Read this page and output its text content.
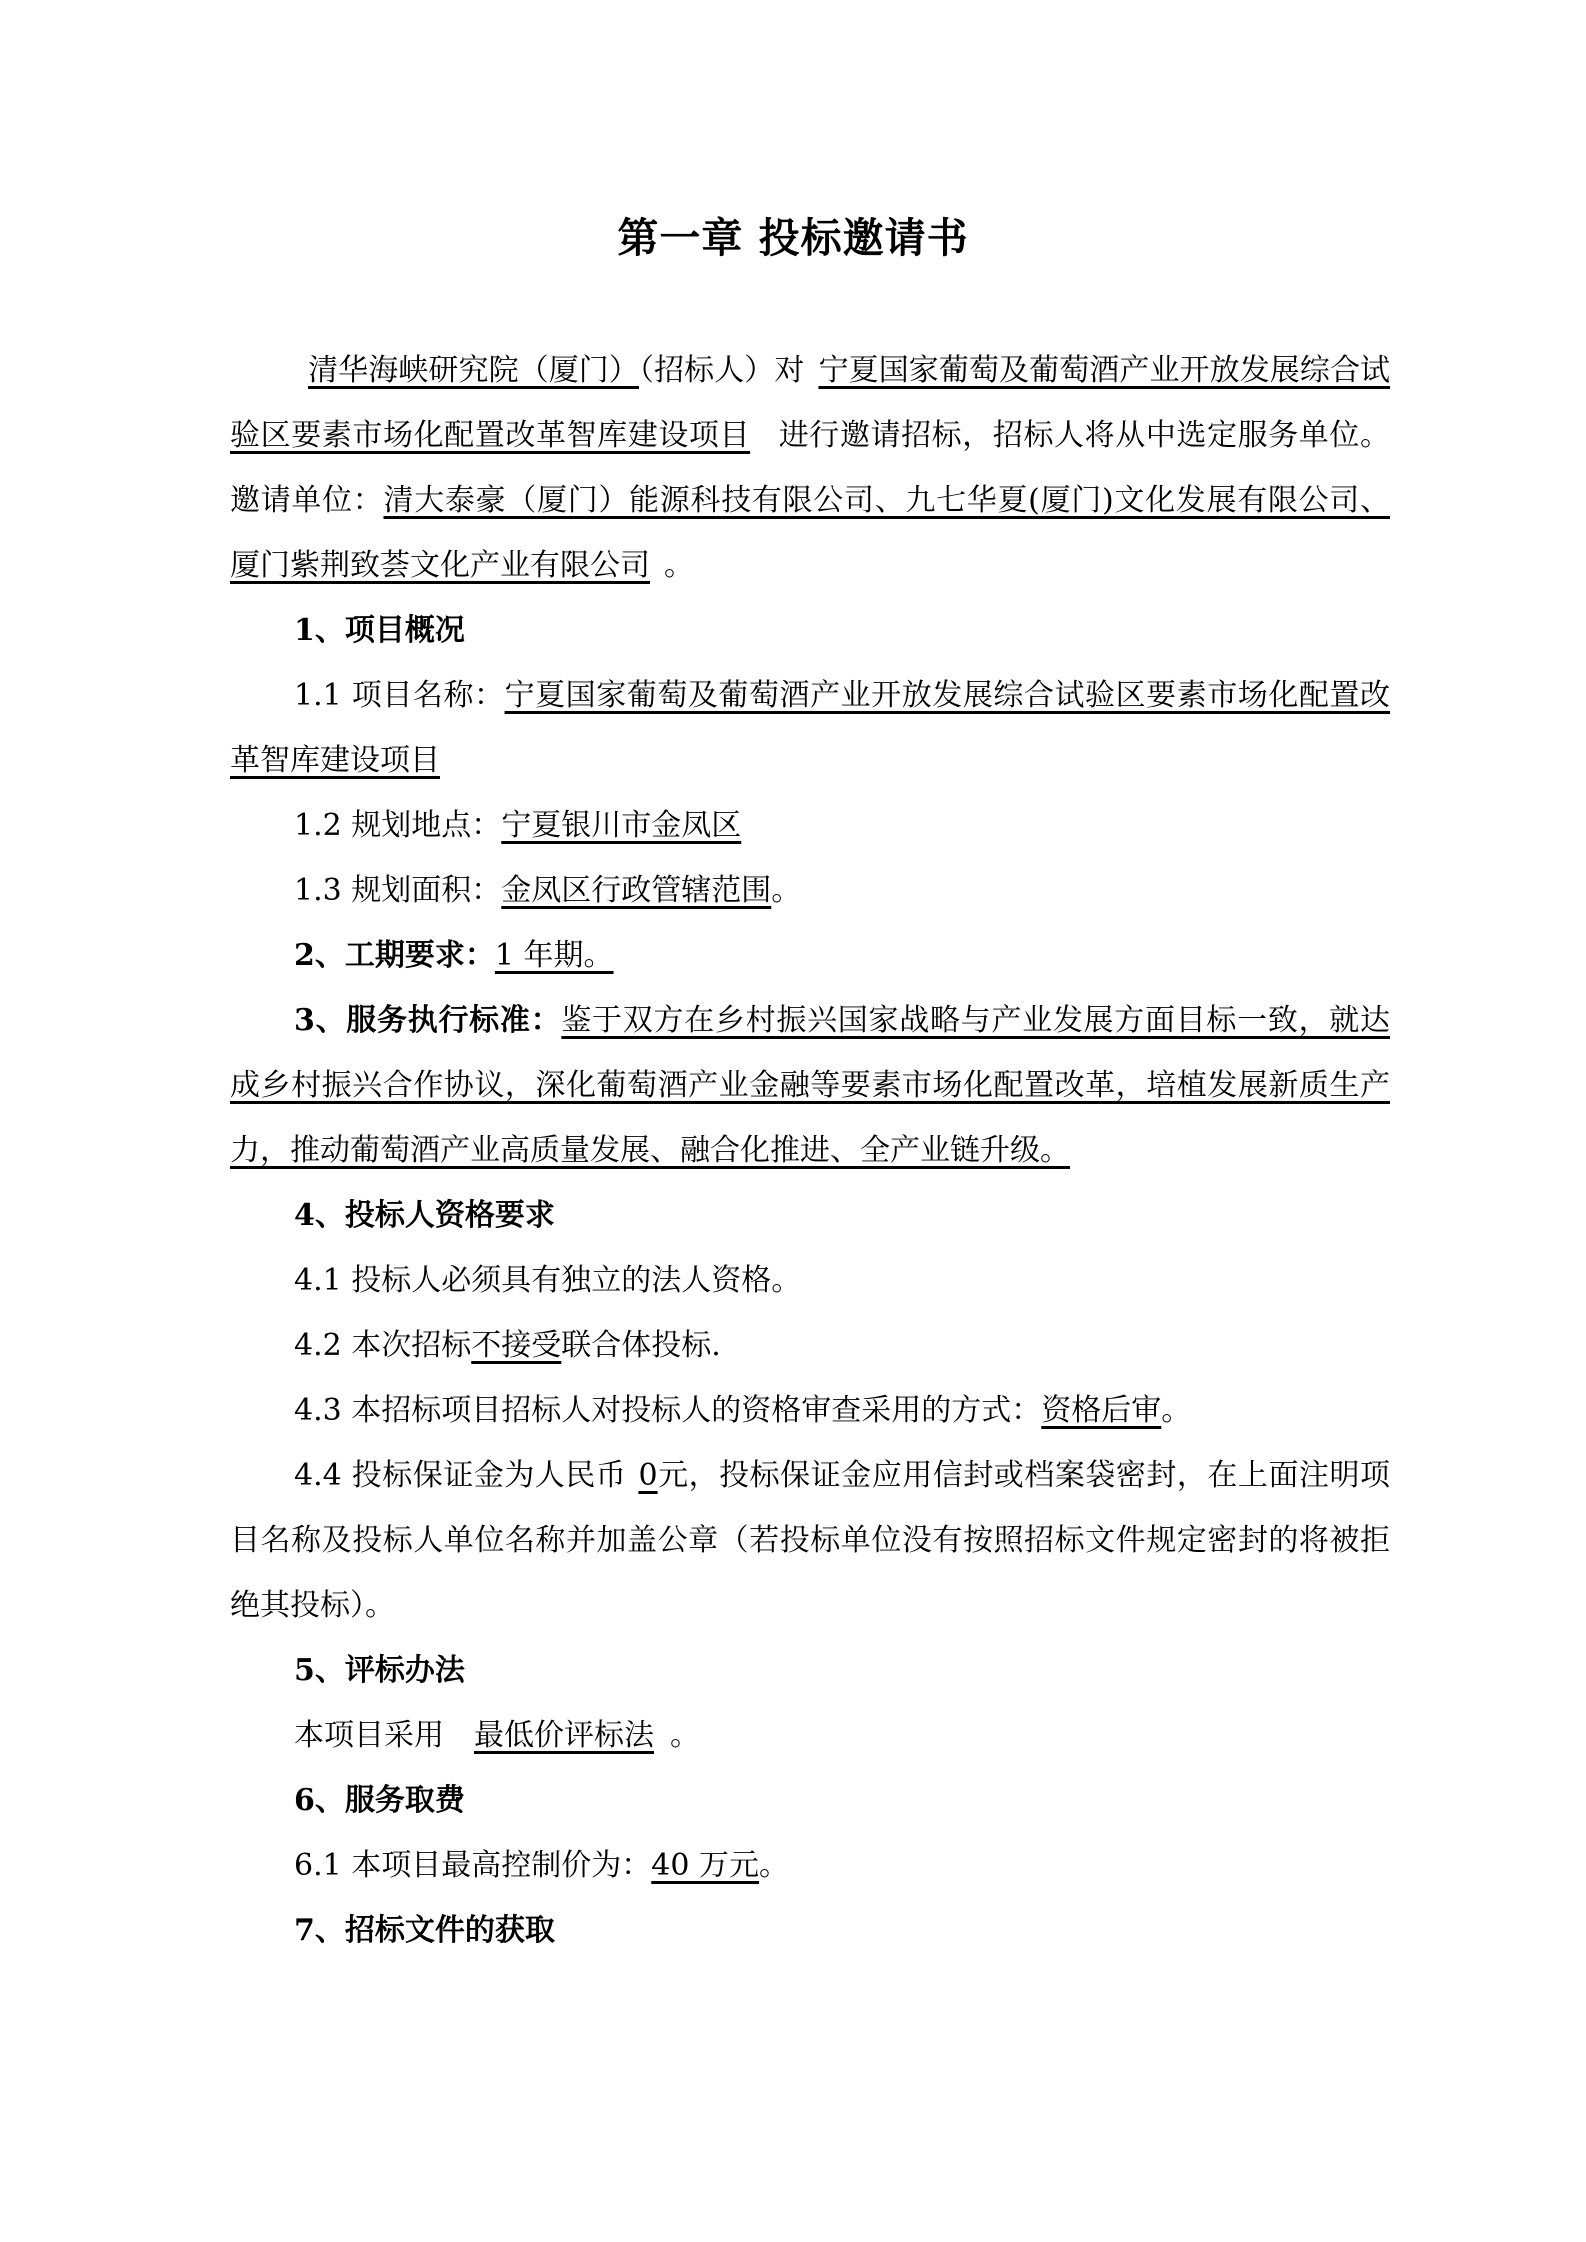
第一章 投标邀请书

清华海峡研究院（厦门）（招标人）对 宁夏国家葡萄及葡萄酒产业开放发展综合试验区要素市场化配置改革智库建设项目 进行邀请招标，招标人将从中选定服务单位。邀请单位：清大泰豪（厦门）能源科技有限公司、九七华夏(厦门)文化发展有限公司、厦门紫荆致荟文化产业有限公司 。

1、项目概况

1.1 项目名称：宁夏国家葡萄及葡萄酒产业开放发展综合试验区要素市场化配置改革智库建设项目

1.2 规划地点：宁夏银川市金凤区

1.3 规划面积：金凤区行政管辖范围。

2、工期要求：1 年期。

3、服务执行标准：鉴于双方在乡村振兴国家战略与产业发展方面目标一致，就达成乡村振兴合作协议，深化葡萄酒产业金融等要素市场化配置改革，培植发展新质生产力，推动葡萄酒产业高质量发展、融合化推进、全产业链升级。

4、投标人资格要求

4.1 投标人必须具有独立的法人资格。

4.2 本次招标不接受联合体投标.

4.3 本招标项目招标人对投标人的资格审查采用的方式：资格后审。

4.4 投标保证金为人民币 0元，投标保证金应用信封或档案袋密封，在上面注明项目名称及投标人单位名称并加盖公章（若投标单位没有按照招标文件规定密封的将被拒绝其投标）。

5、评标办法

本项目采用 最低价评标法 。

6、服务取费

6.1 本项目最高控制价为：40 万元。

7、招标文件的获取
